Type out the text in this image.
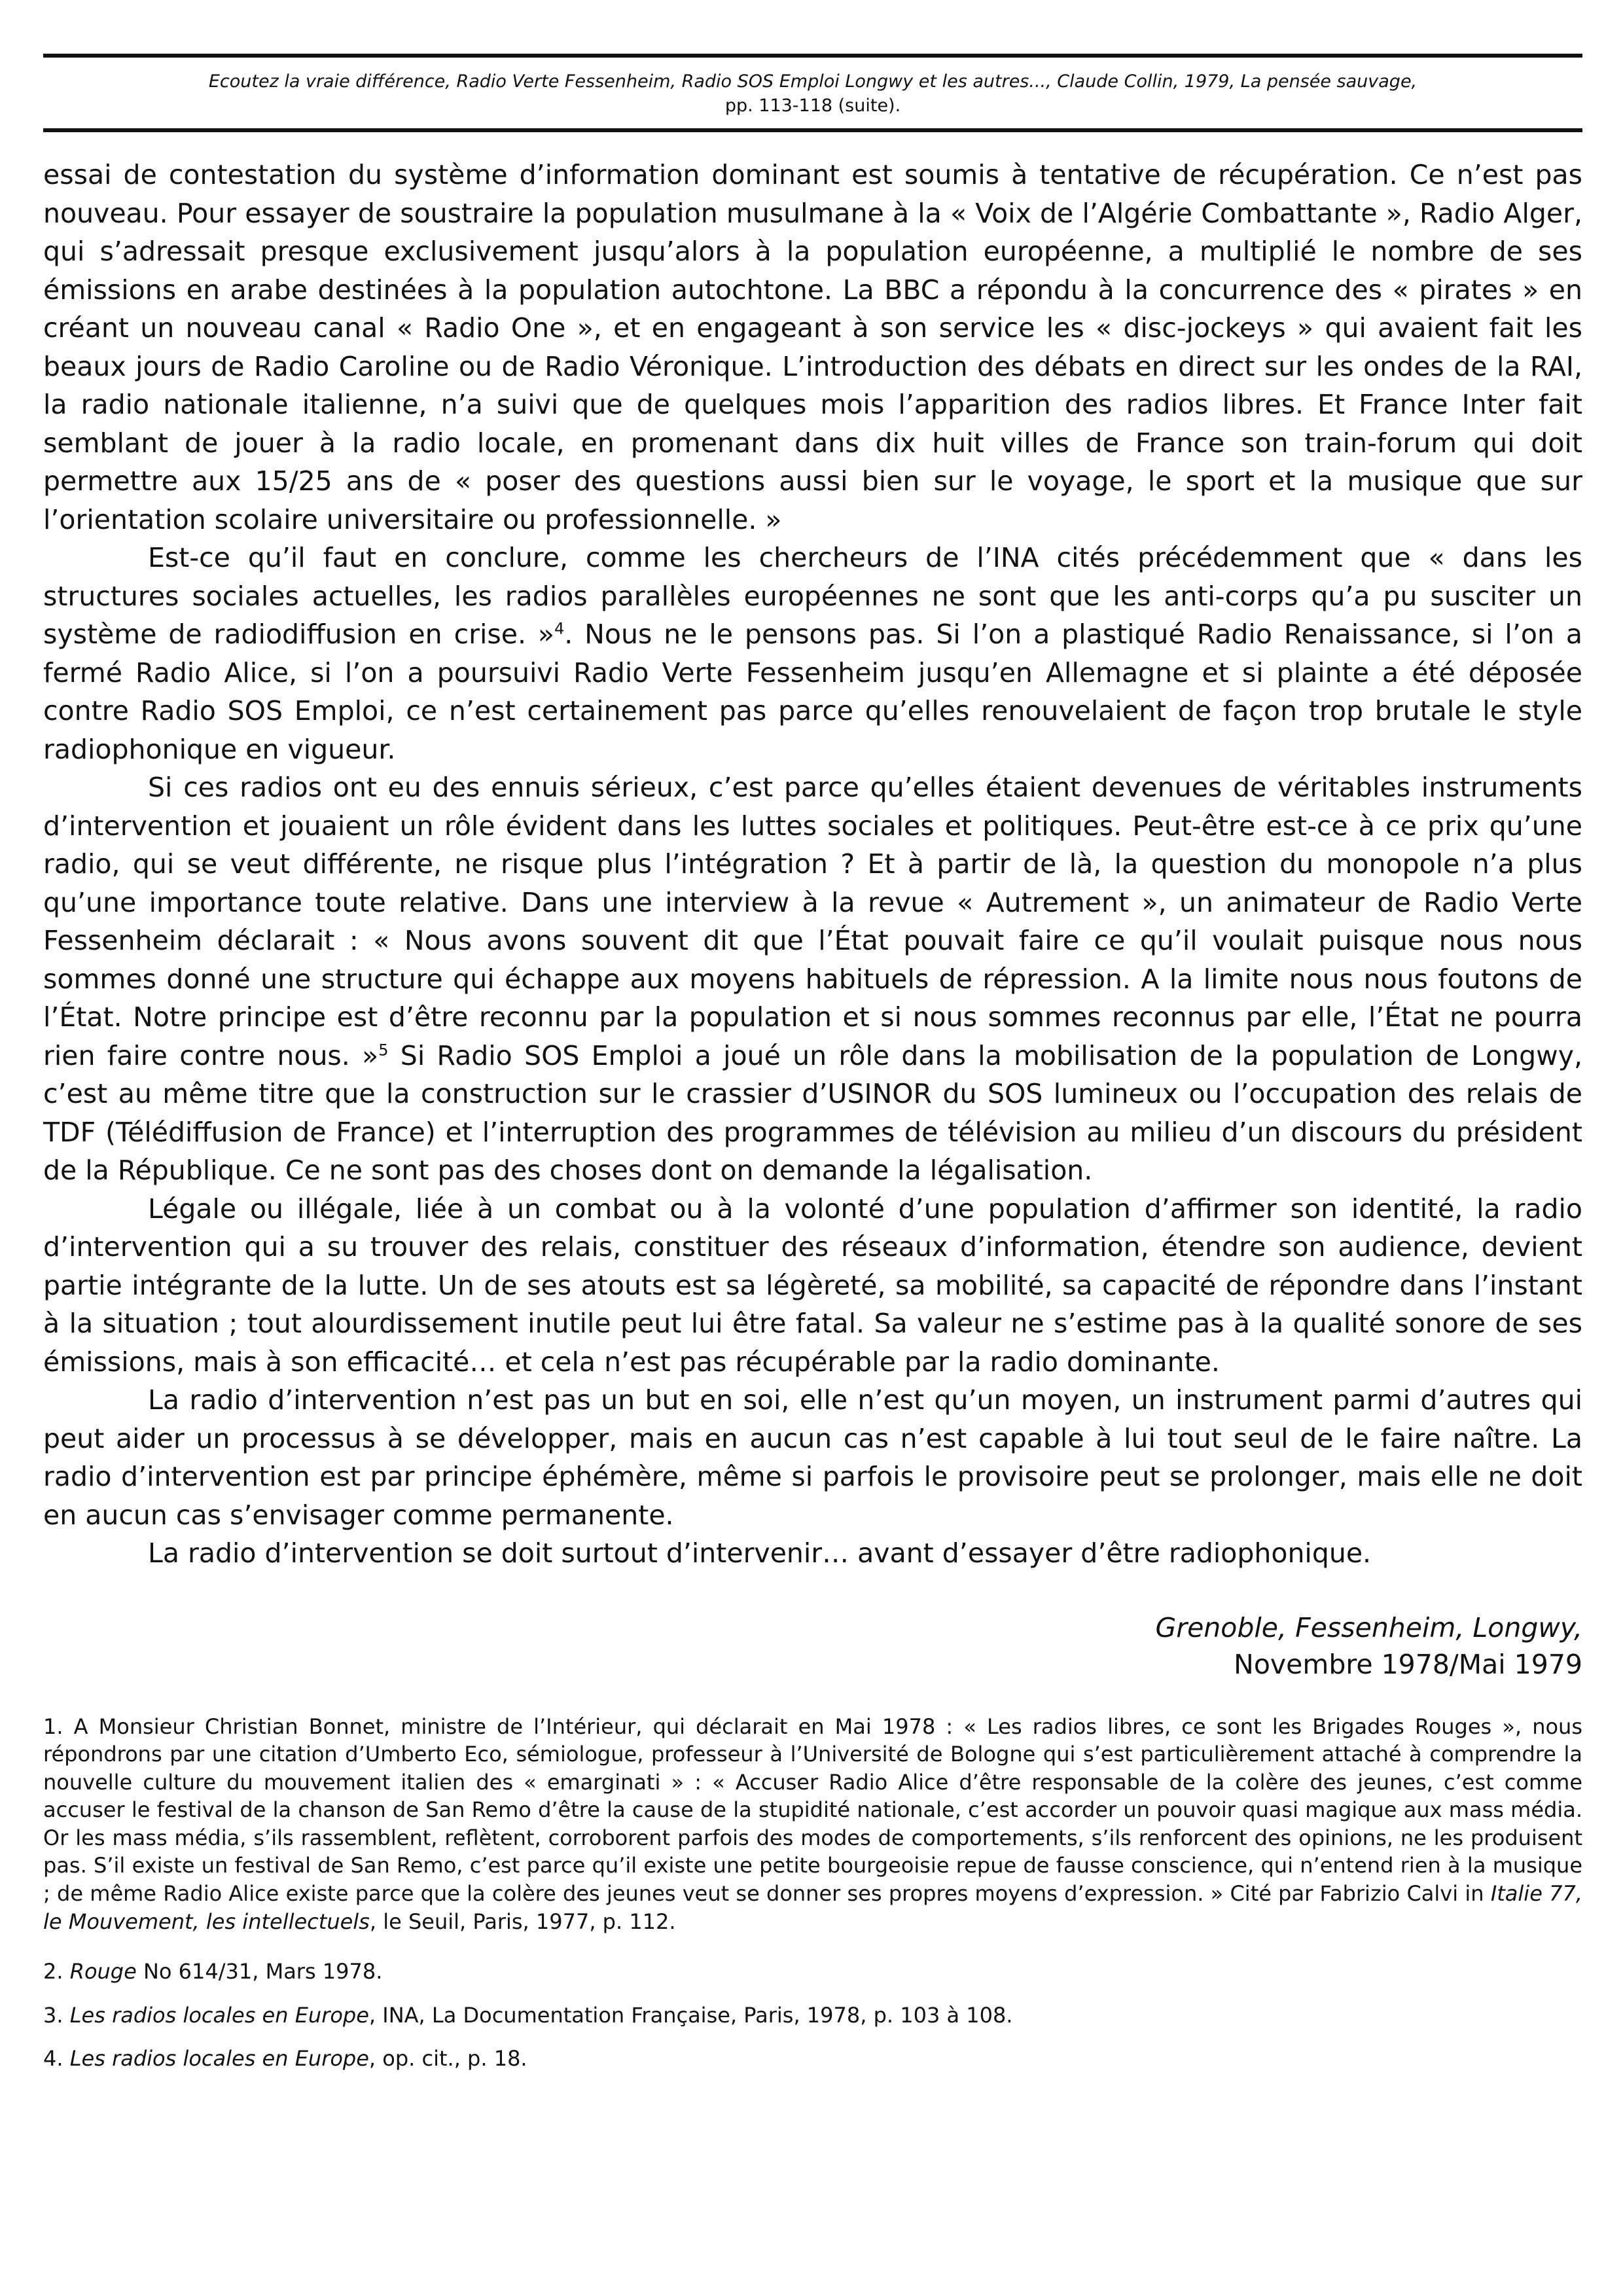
Ecoutez la vraie différence, Radio Verte Fessenheim, Radio SOS Emploi Longwy et les autres..., Claude Collin, 1979, La pensée sauvage,
pp. 113-118 (suite).

essai de contestation du système d’information dominant est soumis à tentative de récupération. Ce n’est pas nouveau. Pour essayer de soustraire la population musulmane à la « Voix de l’Algérie Combattante », Radio Alger, qui s’adressait presque exclusivement jusqu’alors à la population européenne, a multiplié le nombre de ses émissions en arabe destinées à la population autochtone. La BBC a répondu à la concurrence des « pirates » en créant un nouveau canal « Radio One », et en engageant à son service les « disc-jockeys » qui avaient fait les beaux jours de Radio Caroline ou de Radio Véronique. L’introduction des débats en direct sur les ondes de la RAI, la radio nationale italienne, n’a suivi que de quelques mois l’apparition des radios libres. Et France Inter fait semblant de jouer à la radio locale, en promenant dans dix huit villes de France son train-forum qui doit permettre aux 15/25 ans de « poser des questions aussi bien sur le voyage, le sport et la musique que sur l’orientation scolaire universitaire ou professionnelle. »

Est-ce qu’il faut en conclure, comme les chercheurs de l’INA cités précédemment que « dans les structures sociales actuelles, les radios parallèles européennes ne sont que les anti-corps qu’a pu susciter un système de radiodiffusion en crise. »$^4$. Nous ne le pensons pas. Si l’on a plastiqué Radio Renaissance, si l’on a fermé Radio Alice, si l’on a poursuivi Radio Verte Fessenheim jusqu’en Allemagne et si plainte a été déposée contre Radio SOS Emploi, ce n’est certainement pas parce qu’elles renouvelaient de façon trop brutale le style radiophonique en vigueur.

Si ces radios ont eu des ennuis sérieux, c’est parce qu’elles étaient devenues de véritables instruments d’intervention et jouaient un rôle évident dans les luttes sociales et politiques. Peut-être est-ce à ce prix qu’une radio, qui se veut différente, ne risque plus l’intégration ? Et à partir de là, la question du monopole n’a plus qu’une importance toute relative. Dans une interview à la revue « Autrement », un animateur de Radio Verte Fessenheim déclarait : « Nous avons souvent dit que l’État pouvait faire ce qu’il voulait puisque nous nous sommes donné une structure qui échappe aux moyens habituels de répression. A la limite nous nous foutons de l’État. Notre principe est d’être reconnu par la population et si nous sommes reconnus par elle, l’État ne pourra rien faire contre nous. »$^5$ Si Radio SOS Emploi a joué un rôle dans la mobilisation de la population de Longwy, c’est au même titre que la construction sur le crassier d’USINOR du SOS lumineux ou l’occupation des relais de TDF (Télédiffusion de France) et l’interruption des programmes de télévision au milieu d’un discours du président de la République. Ce ne sont pas des choses dont on demande la légalisation.

Légale ou illégale, liée à un combat ou à la volonté d’une population d’affirmer son identité, la radio d’intervention qui a su trouver des relais, constituer des réseaux d’information, étendre son audience, devient partie intégrante de la lutte. Un de ses atouts est sa légèreté, sa mobilité, sa capacité de répondre dans l’instant à la situation ; tout alourdissement inutile peut lui être fatal. Sa valeur ne s’estime pas à la qualité sonore de ses émissions, mais à son efficacité… et cela n’est pas récupérable par la radio dominante.

La radio d’intervention n’est pas un but en soi, elle n’est qu’un moyen, un instrument parmi d’autres qui peut aider un processus à se développer, mais en aucun cas n’est capable à lui tout seul de le faire naître. La radio d’intervention est par principe éphémère, même si parfois le provisoire peut se prolonger, mais elle ne doit en aucun cas s’envisager comme permanente.

La radio d’intervention se doit surtout d’intervenir… avant d’essayer d’être radiophonique.

Grenoble, Fessenheim, Longwy,
Novembre 1978/Mai 1979

1. A Monsieur Christian Bonnet, ministre de l’Intérieur, qui déclarait en Mai 1978 : « Les radios libres, ce sont les Brigades Rouges », nous répondrons par une citation d’Umberto Eco, sémiologue, professeur à l’Université de Bologne qui s’est particulièrement attaché à comprendre la nouvelle culture du mouvement italien des « emarginati » : « Accuser Radio Alice d’être responsable de la colère des jeunes, c’est comme accuser le festival de la chanson de San Remo d’être la cause de la stupidité nationale, c’est accorder un pouvoir quasi magique aux mass média. Or les mass média, s’ils rassemblent, reflètent, corroborent parfois des modes de comportements, s’ils renforcent des opinions, ne les produisent pas. S’il existe un festival de San Remo, c’est parce qu’il existe une petite bourgeoisie repue de fausse conscience, qui n’entend rien à la musique ; de même Radio Alice existe parce que la colère des jeunes veut se donner ses propres moyens d’expression. » Cité par Fabrizio Calvi in Italie 77, le Mouvement, les intellectuels, le Seuil, Paris, 1977, p. 112.

2. Rouge No 614/31, Mars 1978.

3. Les radios locales en Europe, INA, La Documentation Française, Paris, 1978, p. 103 à 108.

4. Les radios locales en Europe, op. cit., p. 18.
